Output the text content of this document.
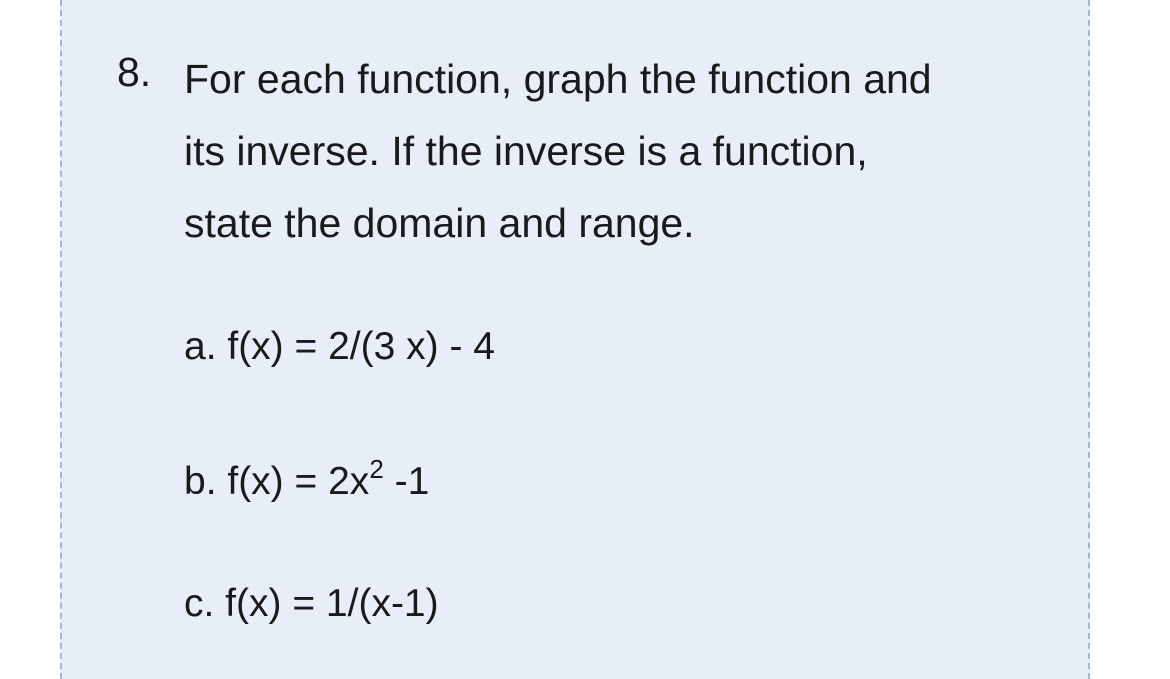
8. For each function, graph the function and
its inverse. If the inverse is a function,
state the domain and range.
a. f(x) = 2/(3 x) - 4
b. $f(x) = 2x^2$ -1
c. f(x) = 1/(x-1)
